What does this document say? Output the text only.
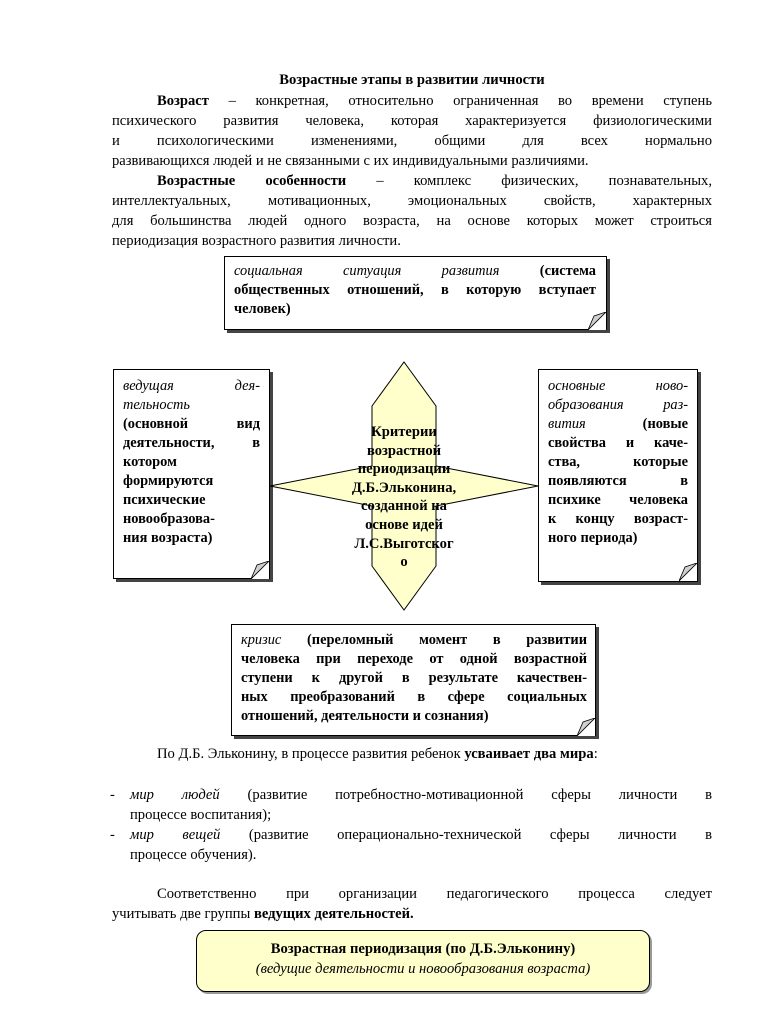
Возрастные этапы в развитии личности
Возраст – конкретная, относительно ограниченная во времени ступень
психического развития человека, которая характеризуется физиологическими
и психологическими изменениями, общими для всех нормально
развивающихся людей и не связанными с их индивидуальными различиями.
Возрастные особенности – комплекс физических, познавательных,
интеллектуальных, мотивационных, эмоциональных свойств, характерных
для большинства людей одного возраста, на основе которых может строиться
периодизация возрастного развития личности.
социальная ситуация развития	(система
общественных отношений, в которую вступает
человек)
ведущая дея-
тельность
(основной вид
деятельности, в
котором
формируются
психические
новообразова-
ния возраста)
основные ново-
образования раз-
вития	(новые
свойства и каче-
ства, которые
появляются в
психике человека
к концу возраст-
ного периода)
Критерии
возрастной
периодизации
Д.Б.Эльконина,
созданной на
основе идей
Л.С.Выготског
о
кризис (переломный момент в развитии
человека при переходе от одной возрастной
ступени к другой в результате качествен-
ных преобразований в сфере социальных
отношений, деятельности и сознания)
По Д.Б. Эльконину, в процессе развития ребенок усваивает два мира:
- мир людей (развитие потребностно-мотивационной сферы личности в
процессе воспитания);
- мир вещей (развитие операционально-технической сферы личности в
процессе обучения).
Соответственно при организации педагогического процесса следует
учитывать две группы ведущих деятельностей.
Возрастная периодизация (по Д.Б.Эльконину)
(ведущие деятельности и новообразования возраста)
